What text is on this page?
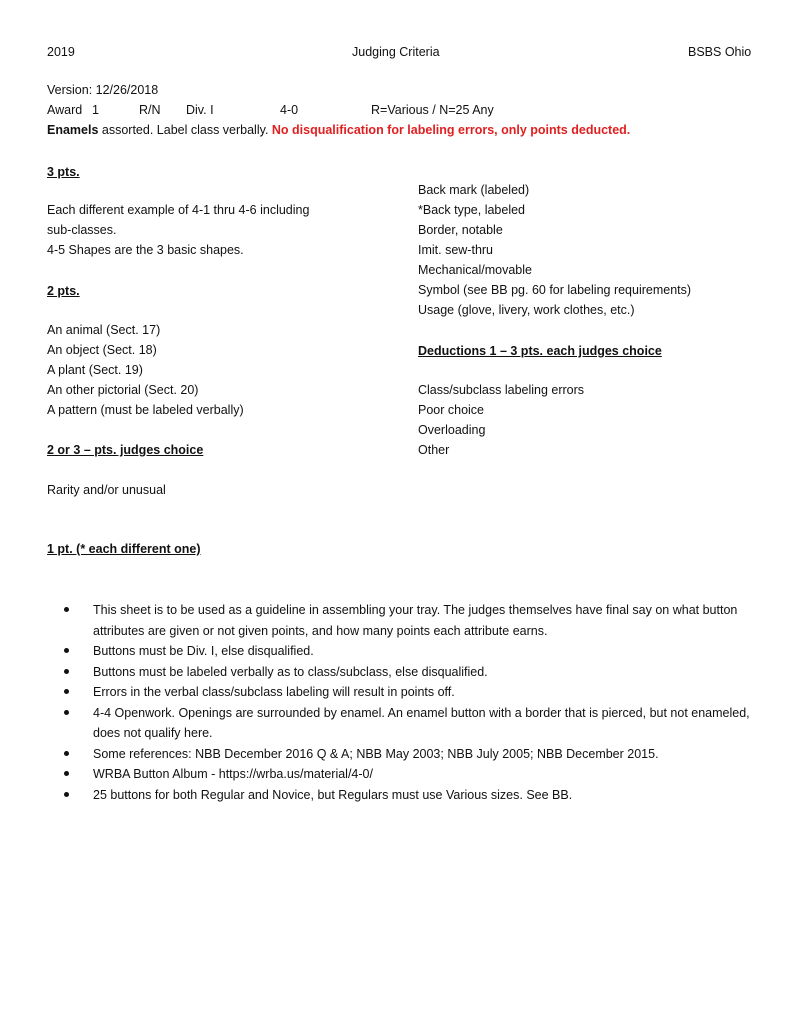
2019	Judging Criteria	BSBS Ohio
Version: 12/26/2018
Award 1	R/N Div. I	4-0	R=Various / N=25 Any
Enamels assorted. Label class verbally. No disqualification for labeling errors, only points deducted.
3 pts.
Each different example of 4-1 thru 4-6 including
sub-classes.
4-5 Shapes are the 3 basic shapes.
2 pts.
An animal (Sect. 17)
An object (Sect. 18)
A plant (Sect. 19)
An other pictorial (Sect. 20)
A pattern (must be labeled verbally)
2 or 3 – pts. judges choice
Rarity and/or unusual
1 pt. (* each different one)
Back mark (labeled)
*Back type, labeled
Border, notable
Imit. sew-thru
Mechanical/movable
Symbol (see BB pg. 60 for labeling requirements)
Usage (glove, livery, work clothes, etc.)
Deductions 1 – 3 pts. each judges choice
Class/subclass labeling errors
Poor choice
Overloading
Other

This sheet is to be used as a guideline in assembling your tray. The judges themselves have final say on what button attributes are given or not given points, and how many points each attribute earns.

Buttons must be Div. I, else disqualified.

Buttons must be labeled verbally as to class/subclass, else disqualified.

Errors in the verbal class/subclass labeling will result in points off.

4-4 Openwork. Openings are surrounded by enamel. An enamel button with a border that is pierced, but not enameled, does not qualify here.

Some references: NBB December 2016 Q & A; NBB May 2003; NBB July 2005; NBB December 2015.

WRBA Button Album - https://wrba.us/material/4-0/

25 buttons for both Regular and Novice, but Regulars must use Various sizes. See BB.
